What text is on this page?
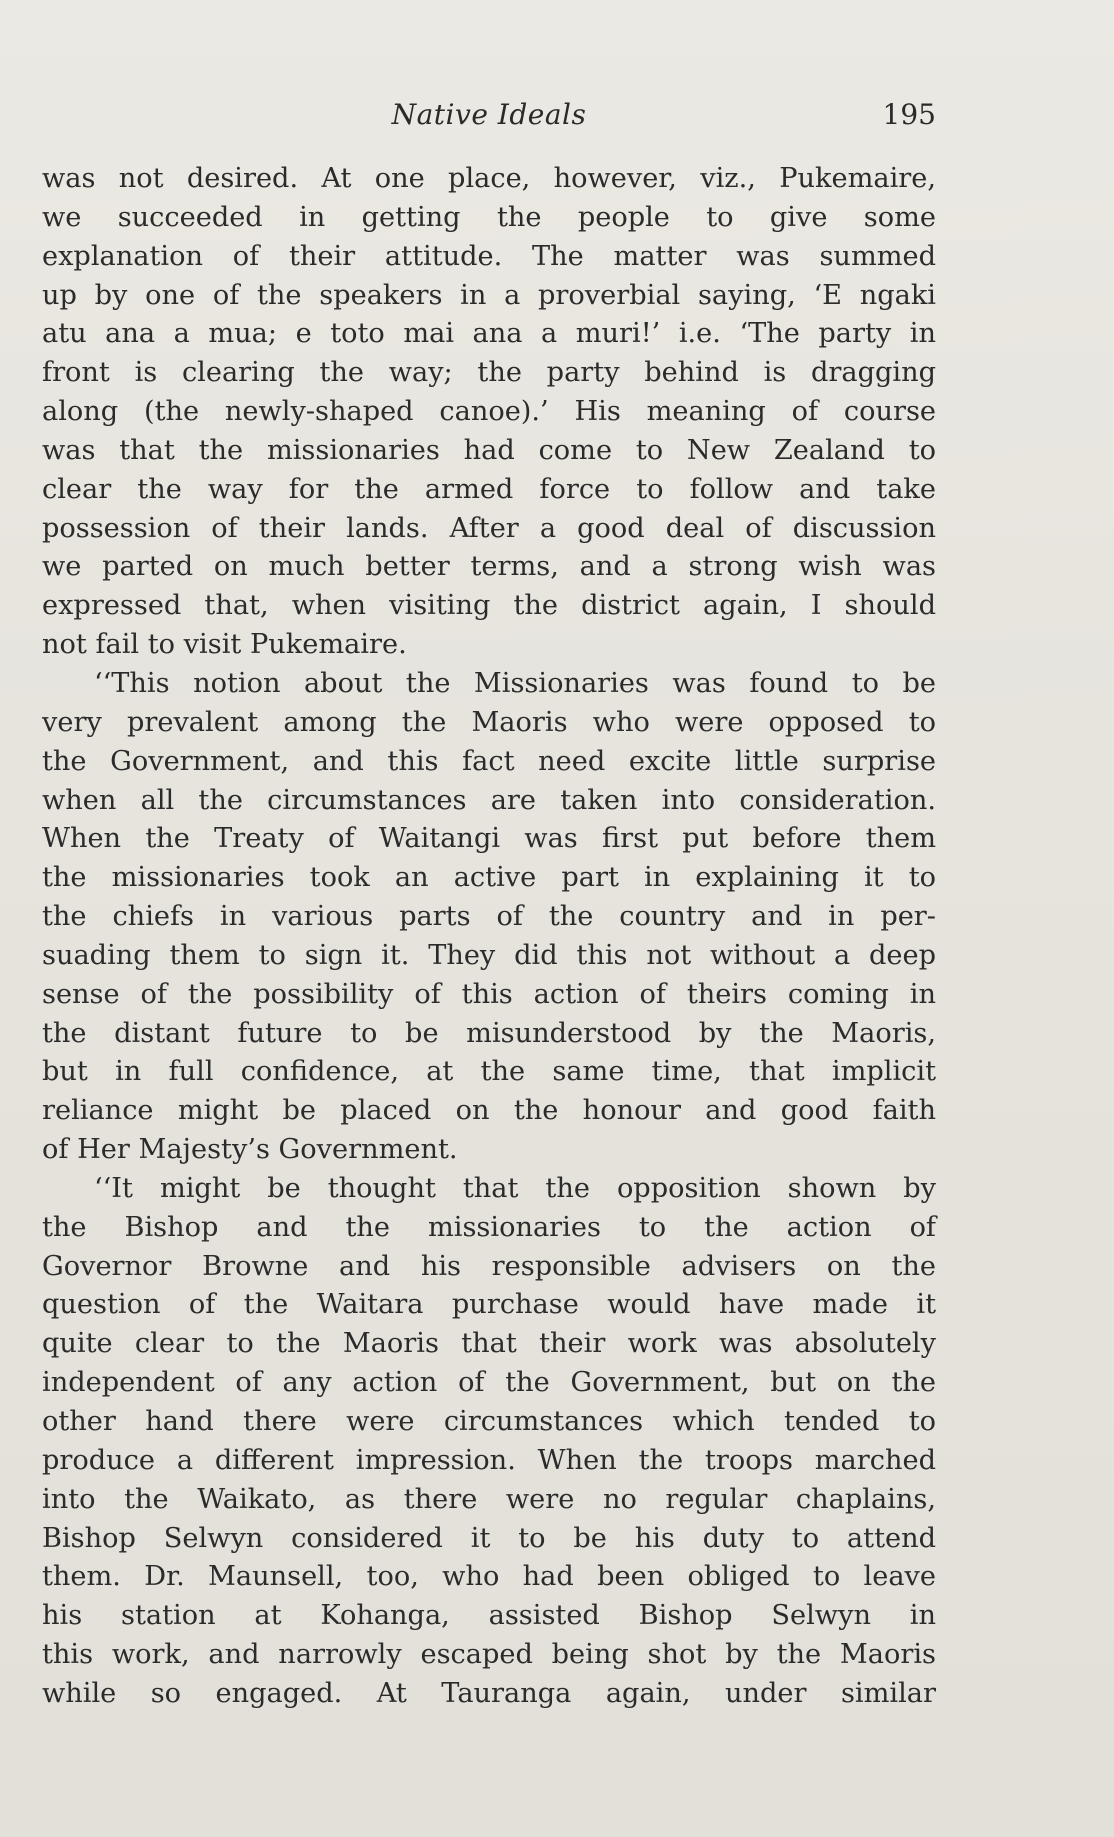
Native Ideals	195
was not desired. At one place, however, viz., Pukemaire,
we succeeded in getting the people to give some
explanation of their attitude. The matter was summed
up by one of the speakers in a proverbial saying, ‘E ngaki
atu ana a mua; e toto mai ana a muri!’ i.e. ‘The party in
front is clearing the way; the party behind is dragging
along (the newly-shaped canoe).’ His meaning of course
was that the missionaries had come to New Zealand to
clear the way for the armed force to follow and take
possession of their lands. After a good deal of discussion
we parted on much better terms, and a strong wish was
expressed that, when visiting the district again, I should
not fail to visit Pukemaire.
‘‘This notion about the Missionaries was found to be
very prevalent among the Maoris who were opposed to
the Government, and this fact need excite little surprise
when all the circumstances are taken into consideration.
When the Treaty of Waitangi was first put before them
the missionaries took an active part in explaining it to
the chiefs in various parts of the country and in per-
suading them to sign it. They did this not without a deep
sense of the possibility of this action of theirs coming in
the distant future to be misunderstood by the Maoris,
but in full confidence, at the same time, that implicit
reliance might be placed on the honour and good faith
of Her Majesty’s Government.
‘‘It might be thought that the opposition shown by
the Bishop and the missionaries to the action of
Governor Browne and his responsible advisers on the
question of the Waitara purchase would have made it
quite clear to the Maoris that their work was absolutely
independent of any action of the Government, but on the
other hand there were circumstances which tended to
produce a different impression. When the troops marched
into the Waikato, as there were no regular chaplains,
Bishop Selwyn considered it to be his duty to attend
them. Dr. Maunsell, too, who had been obliged to leave
his station at Kohanga, assisted Bishop Selwyn in
this work, and narrowly escaped being shot by the Maoris
while so engaged. At Tauranga again, under similar
